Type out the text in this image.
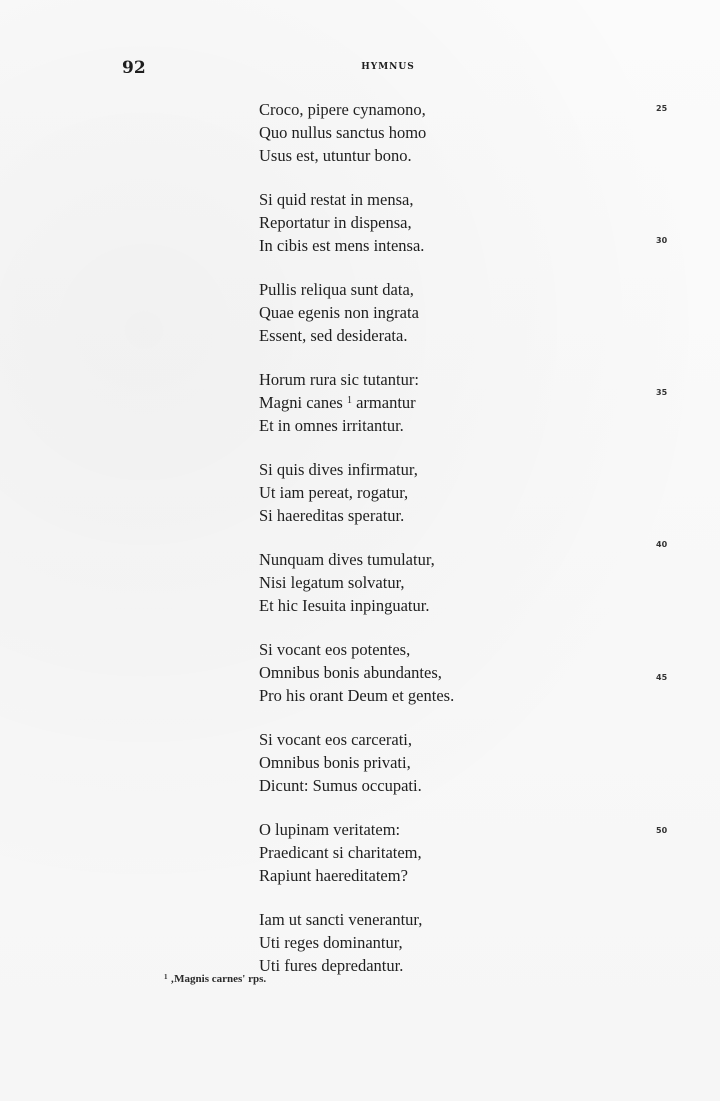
92	HYMNUS
Croco, pipere cynamono,
Quo nullus sanctus homo
Usus est, utuntur bono.
Si quid restat in mensa,
Reportatur in dispensa,
In cibis est mens intensa.
Pullis reliqua sunt data,
Quae egenis non ingrata
Essent, sed desiderata.
Horum rura sic tutantur:
Magni canes $^1$ armantur
Et in omnes irritantur.
Si quis dives infirmatur,
Ut iam pereat, rogatur,
Si haereditas speratur.
Nunquam dives tumulatur,
Nisi legatum solvatur,
Et hic Iesuita inpinguatur.
Si vocant eos potentes,
Omnibus bonis abundantes,
Pro his orant Deum et gentes.
Si vocant eos carcerati,
Omnibus bonis privati,
Dicunt: Sumus occupati.
O lupinam veritatem:
Praedicant si charitatem,
Rapiunt haereditatem?
Iam ut sancti venerantur,
Uti reges dominantur,
Uti fures depredantur.
25
30
35
40
45
50
$^1$ ‚Magnis carnes' rps.
